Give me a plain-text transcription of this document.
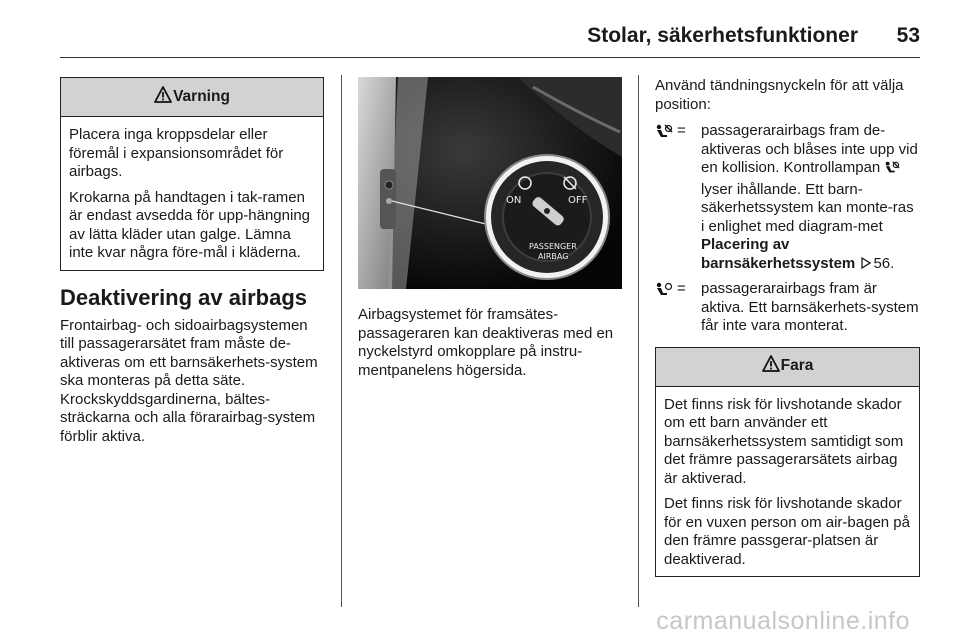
Stolar, säkerhetsfunktioner 53
Varning

Placera inga kroppsdelar eller föremål i expansionsområdet för airbags.

Krokarna på handtagen i tak-ramen är endast avsedda för upp-hängning av lätta kläder utan galge. Lämna inte kvar några före-mål i kläderna.

Deaktivering av airbags

Frontairbag- och sidoairbagsystemen till passagerarsätet fram måste de-aktiveras om ett barnsäkerhets-system ska monteras på detta säte. Krockskyddsgardinerna, bältes-sträckarna och alla förarairbag-system förblir aktiva.

ON	OFF
PASSENGER
AIRBAG

Airbagsystemet för framsätes-passageraren kan deaktiveras med en nyckelstyrd omkopplare på instru-mentpanelens högersida.

Använd tändningsnyckeln för att välja position:

=	passagerarairbags fram de-aktiveras och blåses inte upp vid en kollision. Kontrollampan  lyser ihållande. Ett barn-säkerhetssystem kan monte-ras i enlighet med diagram-met Placering av barnsäkerhetssystem 56.
=	passagerarairbags fram är aktiva. Ett barnsäkerhets-system får inte vara monterat.
Fara

Det finns risk för livshotande skador om ett barn använder ett barnsäkerhetssystem samtidigt som det främre passagerarsätets airbag är aktiverad.

Det finns risk för livshotande skador för en vuxen person om air-bagen på den främre passgerar-platsen är deaktiverad.

carmanualsonline.info
